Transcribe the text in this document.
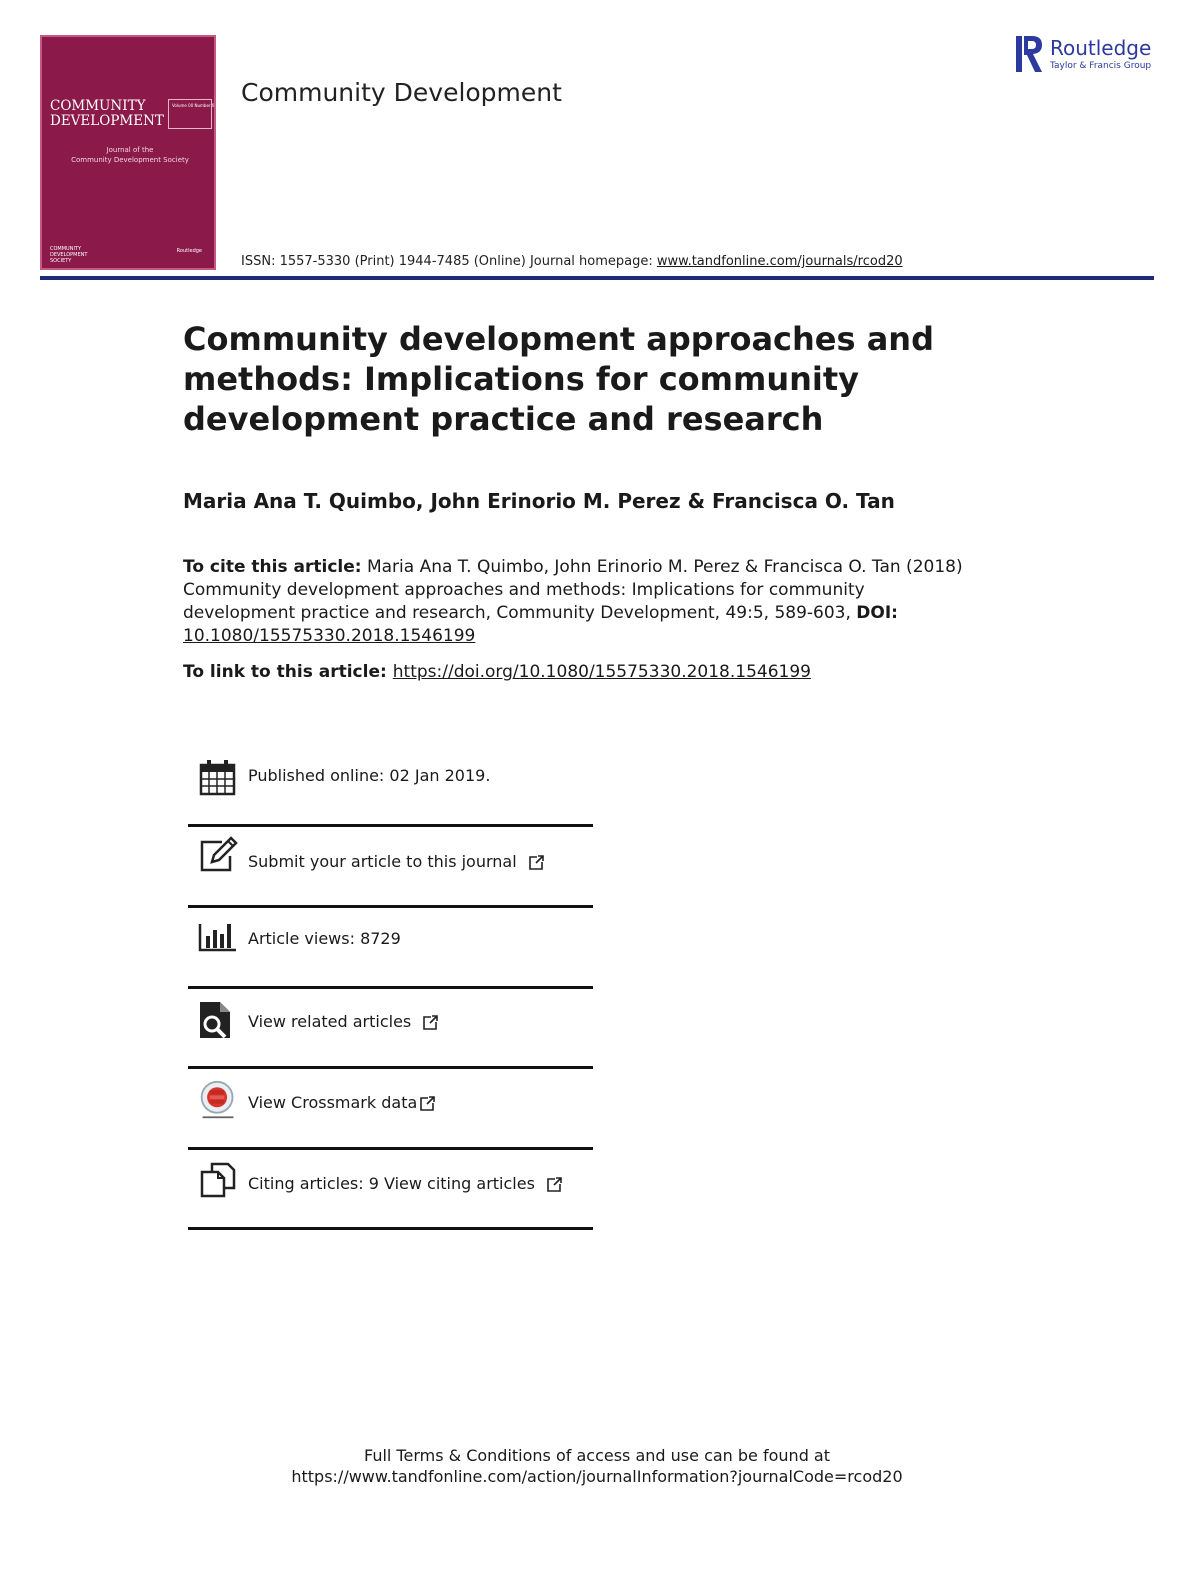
COMMUNITY
DEVELOPMENT
Volume 00 Number 0 Month 0000
Journal of the
Community Development Society
COMMUNITY DEVELOPMENT SOCIETY
Routledge
Community Development
ISSN: 1557-5330 (Print) 1944-7485 (Online) Journal homepage: www.tandfonline.com/journals/rcod20
Routledge
Taylor & Francis Group
Community development approaches and methods: Implications for community development practice and research
Maria Ana T. Quimbo, John Erinorio M. Perez & Francisca O. Tan
To cite this article: Maria Ana T. Quimbo, John Erinorio M. Perez & Francisca O. Tan (2018) Community development approaches and methods: Implications for community development practice and research, Community Development, 49:5, 589-603, DOI:
10.1080/15575330.2018.1546199
To link to this article: https://doi.org/10.1080/15575330.2018.1546199
Published online: 02 Jan 2019.
Submit your article to this journal
Article views: 8729
View related articles
View Crossmark data
Citing articles: 9 View citing articles
Full Terms & Conditions of access and use can be found at
https://www.tandfonline.com/action/journalInformation?journalCode=rcod20
